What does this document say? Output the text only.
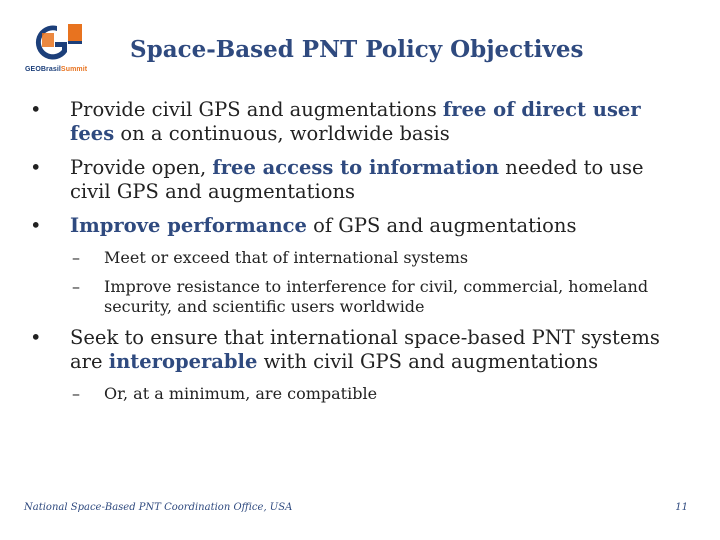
GEOBrasilSummit
Space-Based PNT Policy Objectives
• Provide civil GPS and augmentations free of direct user fees on a continuous, worldwide basis
• Provide open, free access to information needed to use civil GPS and augmentations
• Improve performance of GPS and augmentations
– Meet or exceed that of international systems
– Improve resistance to interference for civil, commercial, homeland security, and scientific users worldwide
• Seek to ensure that international space-based PNT systems are interoperable with civil GPS and augmentations
– Or, at a minimum, are compatible
National Space-Based PNT Coordination Office, USA	11
